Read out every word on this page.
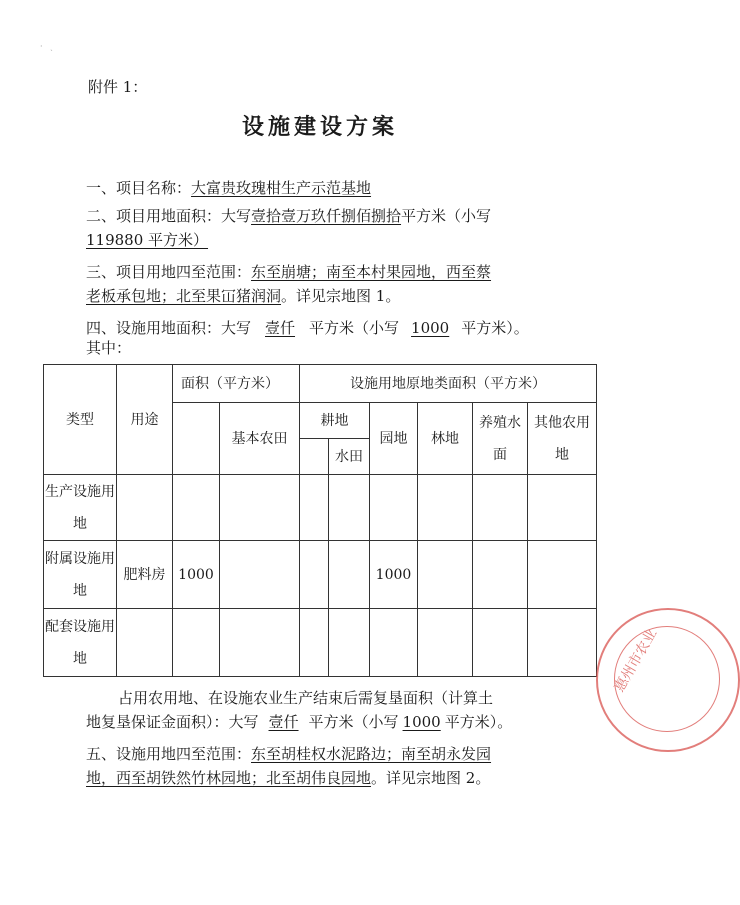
·   ˎ
附件 1：
设施建设方案
一、项目名称：大富贵玫瑰柑生产示范基地
二、项目用地面积：大写壹拾壹万玖仟捌佰捌拾平方米（小写
119880 平方米）
三、项目用地四至范围：东至崩塘；南至本村果园地，西至蔡
老板承包地；北至果冚猪润洞。详见宗地图 1。
四、设施用地面积：大写 壹仟 平方米（小写 1000 平方米）。
其中：
类型	用途	面积（平方米）		设施用地原地类面积（平方米）					
			基本农田	耕地		园地	林地	养殖水面	其他农用地
					水田				
生产设施用地									
附属设施用地	肥料房	1000				1000			
配套设施用地									
占用农用地、在设施农业生产结束后需复垦面积（计算土
地复垦保证金面积）：大写 壹仟 平方米（小写 1000 平方米）。
五、设施用地四至范围：东至胡桂权水泥路边；南至胡永发园
地，西至胡铁然竹林园地；北至胡伟良园地。详见宗地图 2。
惠州市农业
